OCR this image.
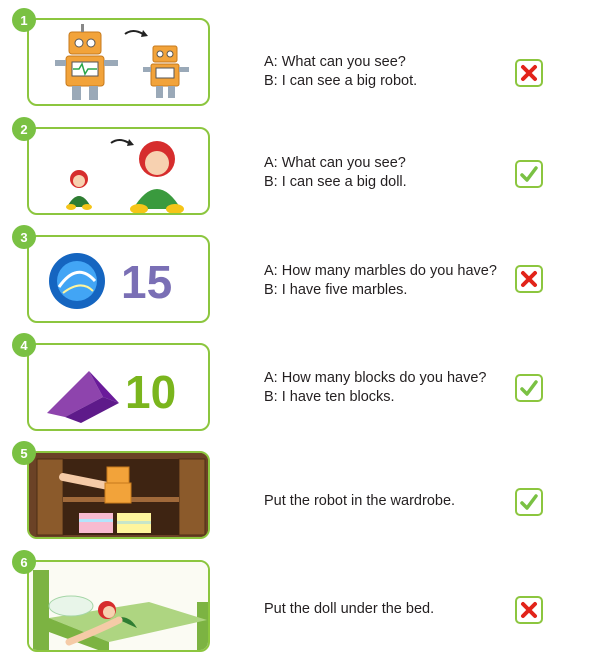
1
A: What can you see?
B: I can see a big robot.
2
A: What can you see?
B: I can see a big doll.
3
15	A: How many marbles do you have?
B: I have five marbles.
4
10	A: How many blocks do you have?
B: I have ten blocks.
5
Put the robot in the wardrobe.
6
Put the doll under the bed.
